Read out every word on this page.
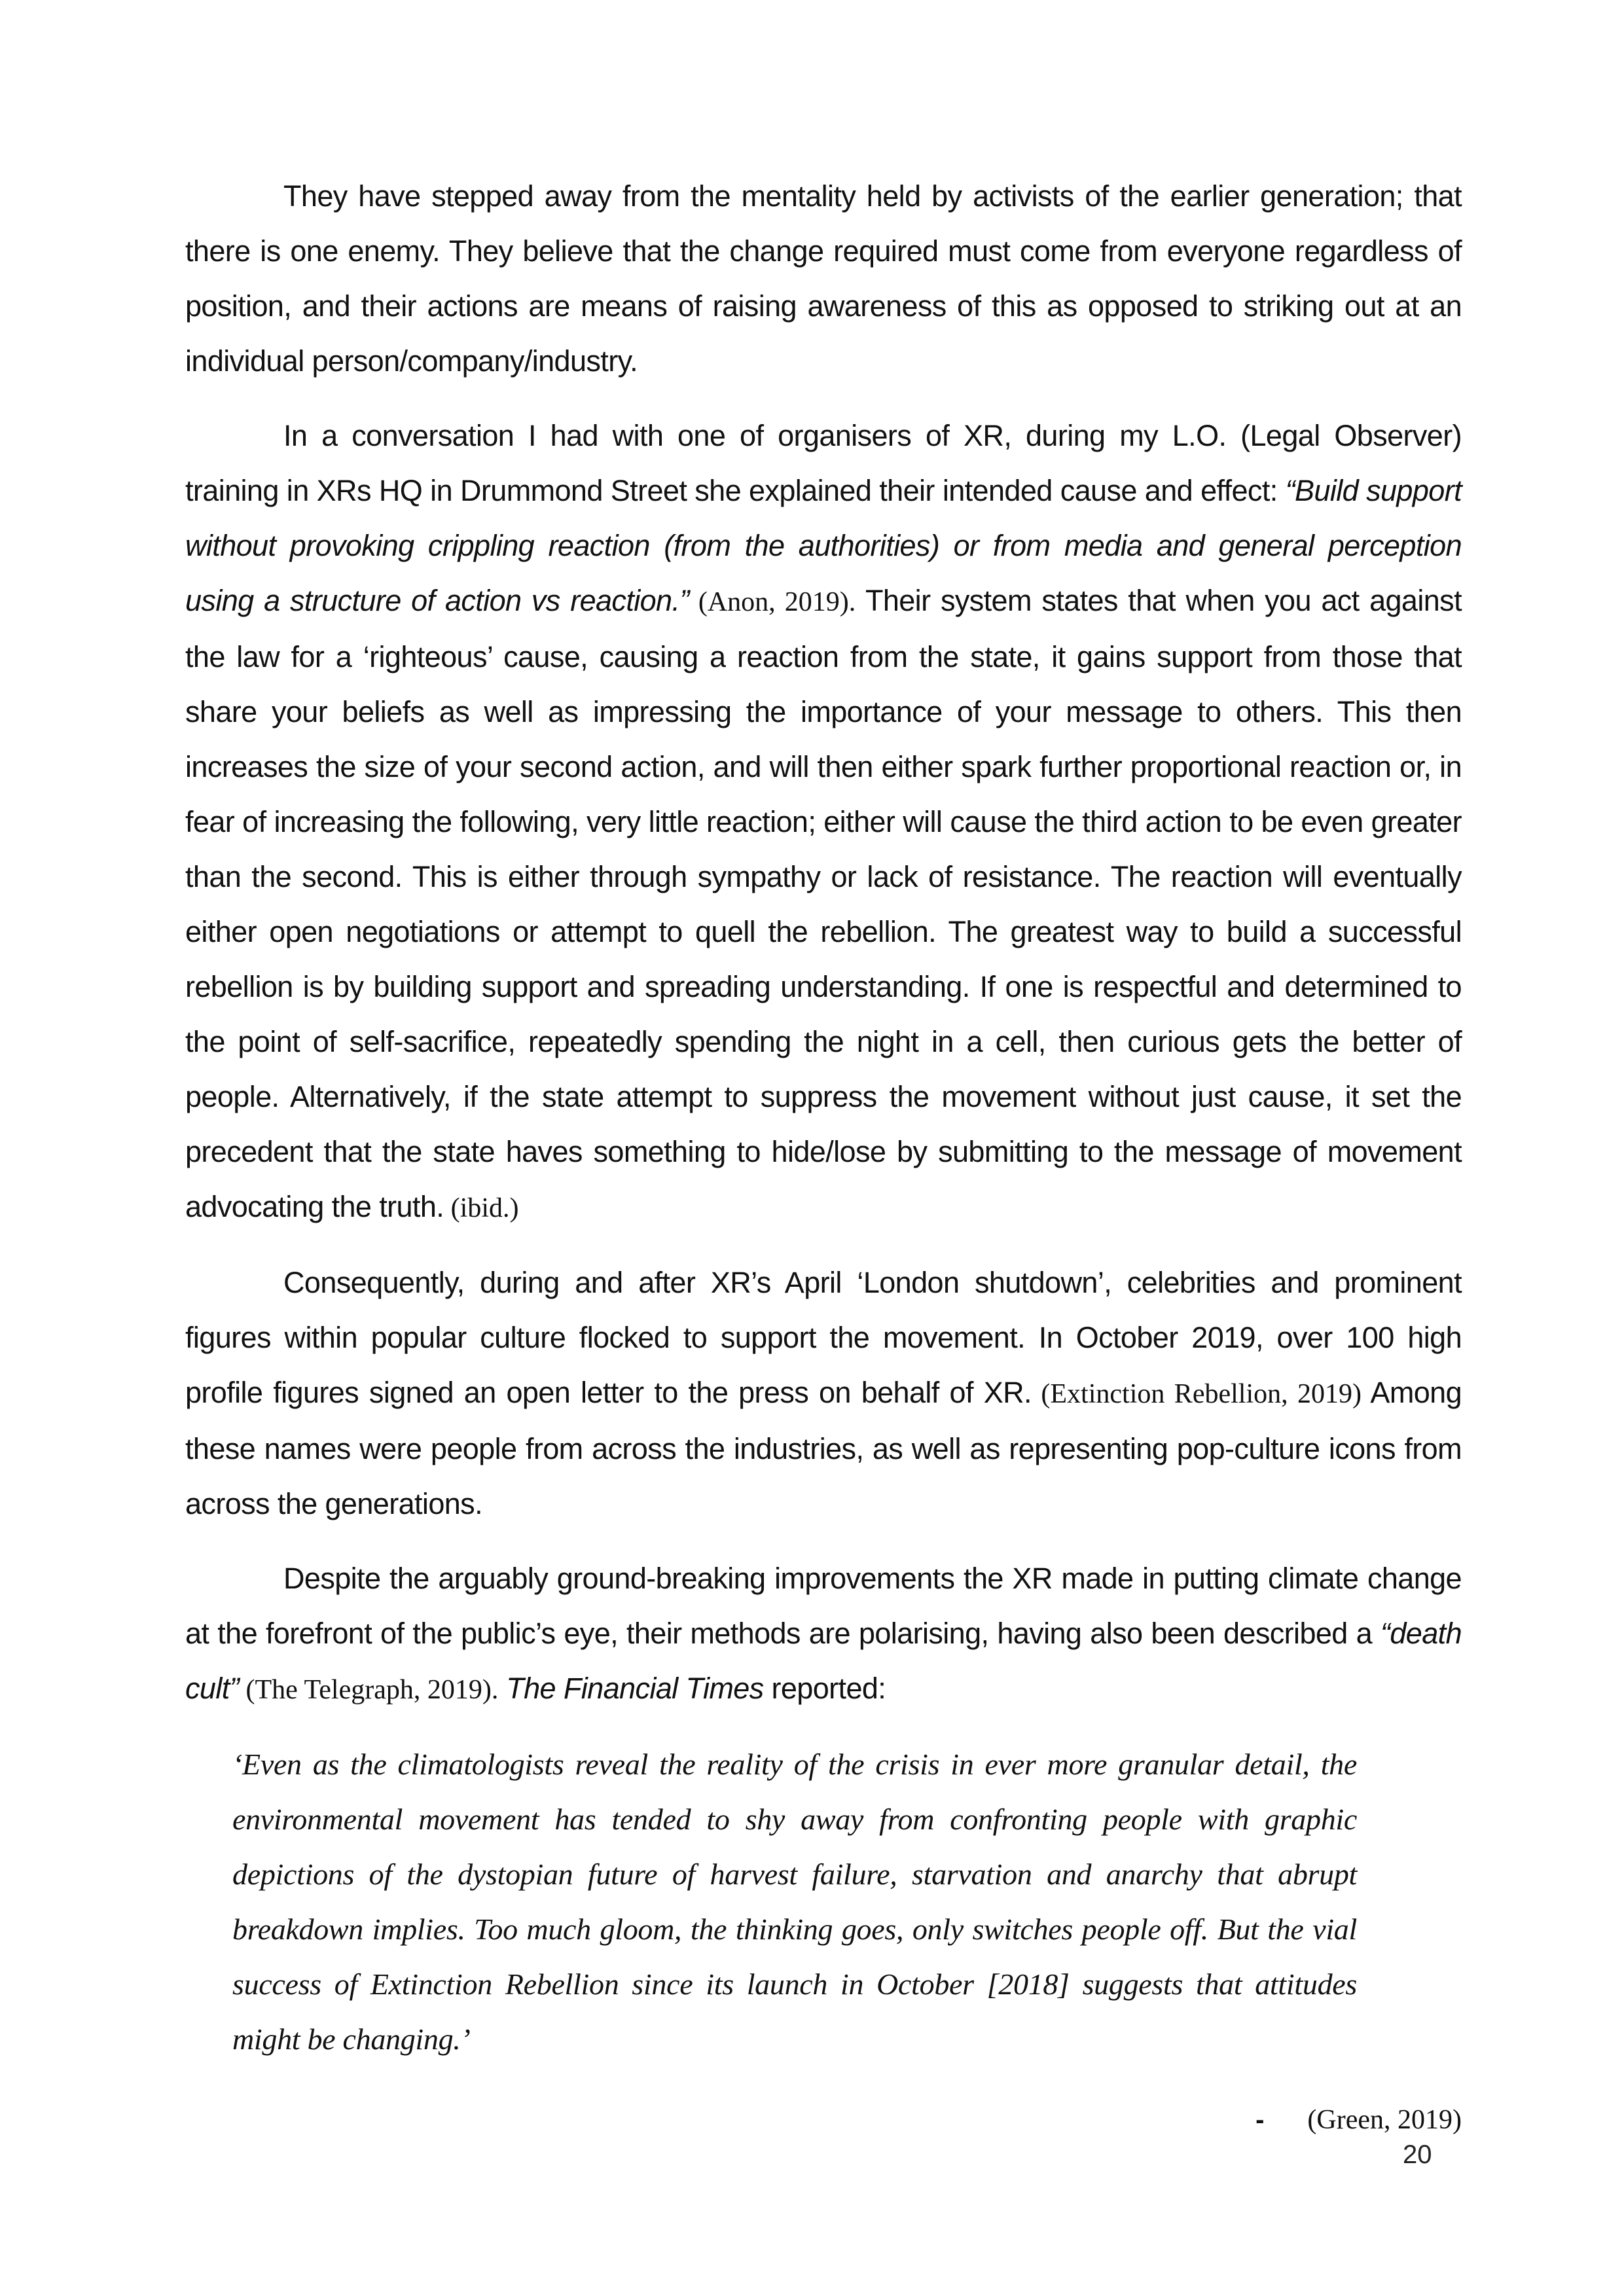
They have stepped away from the mentality held by activists of the earlier generation; that there is one enemy. They believe that the change required must come from everyone regardless of position, and their actions are means of raising awareness of this as opposed to striking out at an individual person/company/industry.

In a conversation I had with one of organisers of XR, during my L.O. (Legal Observer) training in XRs HQ in Drummond Street she explained their intended cause and effect: “Build support without provoking crippling reaction (from the authorities) or from media and general perception using a structure of action vs reaction.” (Anon, 2019). Their system states that when you act against the law for a ‘righteous’ cause, causing a reaction from the state, it gains support from those that share your beliefs as well as impressing the importance of your message to others. This then increases the size of your second action, and will then either spark further proportional reaction or, in fear of increasing the following, very little reaction; either will cause the third action to be even greater than the second. This is either through sympathy or lack of resistance. The reaction will eventually either open negotiations or attempt to quell the rebellion. The greatest way to build a successful rebellion is by building support and spreading understanding. If one is respectful and determined to the point of self-sacrifice, repeatedly spending the night in a cell, then curious gets the better of people. Alternatively, if the state attempt to suppress the movement without just cause, it set the precedent that the state haves something to hide/lose by submitting to the message of movement advocating the truth. (ibid.)

Consequently, during and after XR’s April ‘London shutdown’, celebrities and prominent figures within popular culture flocked to support the movement. In October 2019, over 100 high profile figures signed an open letter to the press on behalf of XR. (Extinction Rebellion, 2019) Among these names were people from across the industries, as well as representing pop-culture icons from across the generations.

Despite the arguably ground-breaking improvements the XR made in putting climate change at the forefront of the public’s eye, their methods are polarising, having also been described a “death cult” (The Telegraph, 2019). The Financial Times reported:

‘Even as the climatologists reveal the reality of the crisis in ever more granular detail, the environmental movement has tended to shy away from confronting people with graphic depictions of the dystopian future of harvest failure, starvation and anarchy that abrupt breakdown implies. Too much gloom, the thinking goes, only switches people off. But the vial success of Extinction Rebellion since its launch in October [2018] suggests that attitudes might be changing.’
- (Green, 2019)
20
